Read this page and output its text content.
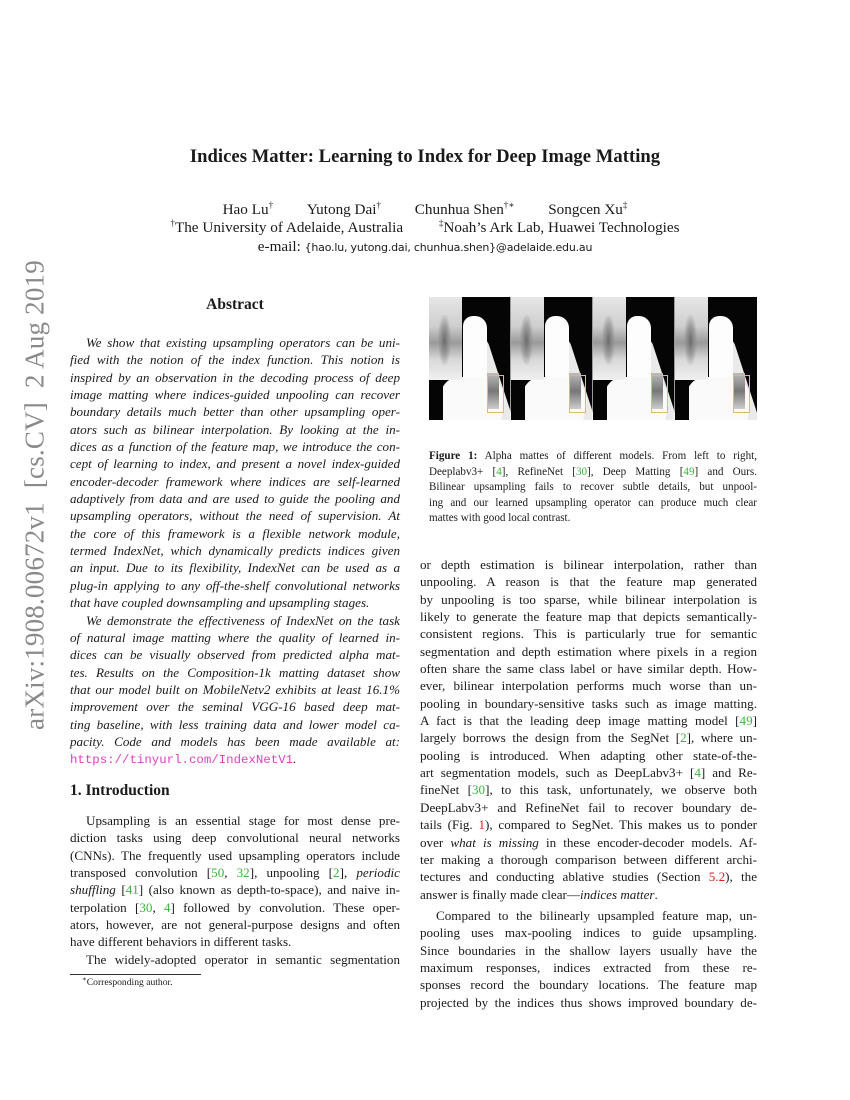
Indices Matter: Learning to Index for Deep Image Matting
Hao Lu† Yutong Dai† Chunhua Shen†∗ Songcen Xu‡
†The University of Adelaide, Australia	‡Noah’s Ark Lab, Huawei Technologies
e-mail: {hao.lu, yutong.dai, chunhua.shen}@adelaide.edu.au
arXiv:1908.00672v1[cs.CV]2 Aug 2019	Abstract
We show that existing upsampling operators can be uni-
fied with the notion of the index function. This notion is
inspired by an observation in the decoding process of deep
image matting where indices-guided unpooling can recover
boundary details much better than other upsampling oper-
ators such as bilinear interpolation. By looking at the in-
dices as a function of the feature map, we introduce the con-
cept of learning to index, and present a novel index-guided
encoder-decoder framework where indices are self-learned
adaptively from data and are used to guide the pooling and
upsampling operators, without the need of supervision. At
the core of this framework is a flexible network module,
termed IndexNet, which dynamically predicts indices given
an input. Due to its flexibility, IndexNet can be used as a
plug-in applying to any off-the-shelf convolutional networks
that have coupled downsampling and upsampling stages.
We demonstrate the effectiveness of IndexNet on the task
of natural image matting where the quality of learned in-
dices can be visually observed from predicted alpha mat-
tes. Results on the Composition-1k matting dataset show
that our model built on MobileNetv2 exhibits at least 16.1%
improvement over the seminal VGG-16 based deep mat-
ting baseline, with less training data and lower model ca-
pacity. Code and models has been made available at:
https://tinyurl.com/IndexNetV1.
1. Introduction
Upsampling is an essential stage for most dense pre-
diction tasks using deep convolutional neural networks
(CNNs). The frequently used upsampling operators include
transposed convolution [50, 32], unpooling [2], periodic
shuffling [41] (also known as depth-to-space), and naive in-
terpolation [30, 4] followed by convolution. These oper-
ators, however, are not general-purpose designs and often
have different behaviors in different tasks.
The widely-adopted operator in semantic segmentation
∗Corresponding author.
Figure 1: Alpha mattes of different models. From left to right,
Deeplabv3+ [4], RefineNet [30], Deep Matting [49] and Ours.
Bilinear upsampling fails to recover subtle details, but unpool-
ing and our learned upsampling operator can produce much clear
mattes with good local contrast.
or depth estimation is bilinear interpolation, rather than
unpooling. A reason is that the feature map generated
by unpooling is too sparse, while bilinear interpolation is
likely to generate the feature map that depicts semantically-
consistent regions. This is particularly true for semantic
segmentation and depth estimation where pixels in a region
often share the same class label or have similar depth. How-
ever, bilinear interpolation performs much worse than un-
pooling in boundary-sensitive tasks such as image matting.
A fact is that the leading deep image matting model [49]
largely borrows the design from the SegNet [2], where un-
pooling is introduced. When adapting other state-of-the-
art segmentation models, such as DeepLabv3+ [4] and Re-
fineNet [30], to this task, unfortunately, we observe both
DeepLabv3+ and RefineNet fail to recover boundary de-
tails (Fig. 1), compared to SegNet. This makes us to ponder
over what is missing in these encoder-decoder models. Af-
ter making a thorough comparison between different archi-
tectures and conducting ablative studies (Section 5.2), the
answer is finally made clear—indices matter.
Compared to the bilinearly upsampled feature map, un-
pooling uses max-pooling indices to guide upsampling.
Since boundaries in the shallow layers usually have the
maximum responses, indices extracted from these re-
sponses record the boundary locations. The feature map
projected by the indices thus shows improved boundary de-
